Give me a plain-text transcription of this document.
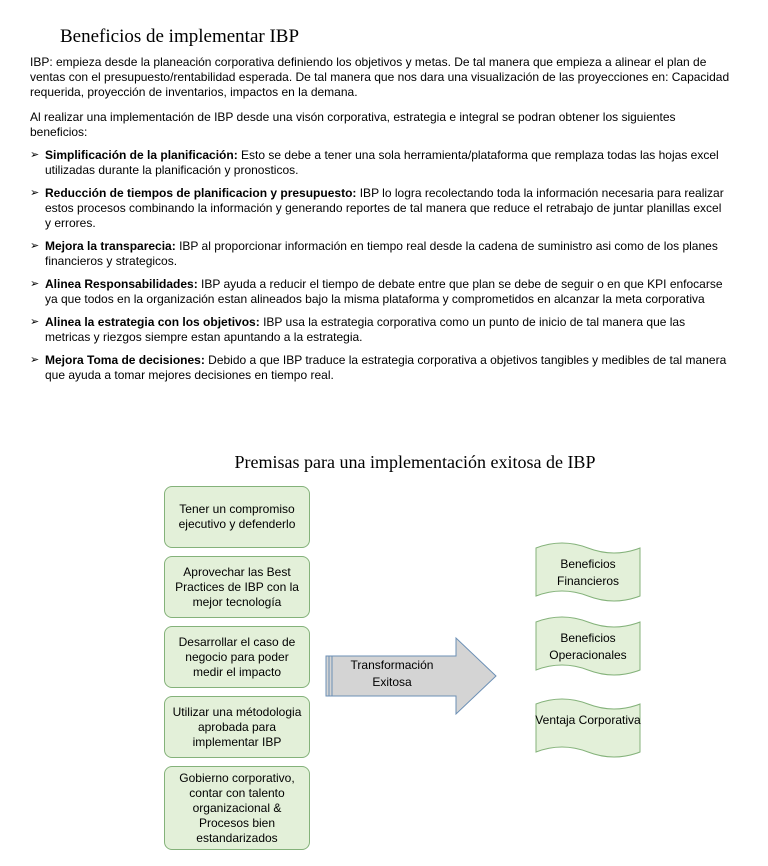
Beneficios de implementar IBP

IBP: empieza desde la planeación corporativa definiendo los objetivos y metas. De tal manera que empieza a alinear el plan de ventas con el presupuesto/rentabilidad esperada. De tal manera que nos dara una visualización de las proyecciones en: Capacidad requerida, proyección de inventarios, impactos en la demana.

Al realizar una implementación de IBP desde una visón corporativa, estrategia e integral se podran obtener los siguientes beneficios:

➢ Simplificación de la planificación: Esto se debe a tener una sola herramienta/plataforma que remplaza todas las hojas excel utilizadas durante la planificación y pronosticos.
➢ Reducción de tiempos de planificacion y presupuesto: IBP lo logra recolectando toda la información necesaria para realizar estos procesos combinando la información y generando reportes de tal manera que reduce el retrabajo de juntar planillas excel y errores.
➢ Mejora la transparecia: IBP al proporcionar información en tiempo real desde la cadena de suministro asi como de los planes financieros y strategicos.
➢ Alinea Responsabilidades: IBP ayuda a reducir el tiempo de debate entre que plan se debe de seguir o en que KPI enfocarse ya que todos en la organización estan alineados bajo la misma plataforma y comprometidos en alcanzar la meta corporativa
➢ Alinea la estrategia con los objetivos: IBP usa la estrategia corporativa como un punto de inicio de tal manera que las metricas y riezgos siempre estan apuntando a la estrategia.
➢ Mejora Toma de decisiones: Debido a que IBP traduce la estrategia corporativa a objetivos tangibles y medibles de tal manera que ayuda a tomar mejores decisiones en tiempo real.
Premisas para una implementación exitosa de IBP
Tener un compromiso ejecutivo y defenderlo
Aprovechar las Best Practices de IBP con la mejor tecnología
Desarrollar el caso de negocio para poder medir el impacto
Utilizar una métodologia aprobada para implementar IBP
Gobierno corporativo, contar con talento organizacional & Procesos bien estandarizados
Transformación Exitosa
Beneficios Financieros
Beneficios Operacionales
Ventaja Corporativa
